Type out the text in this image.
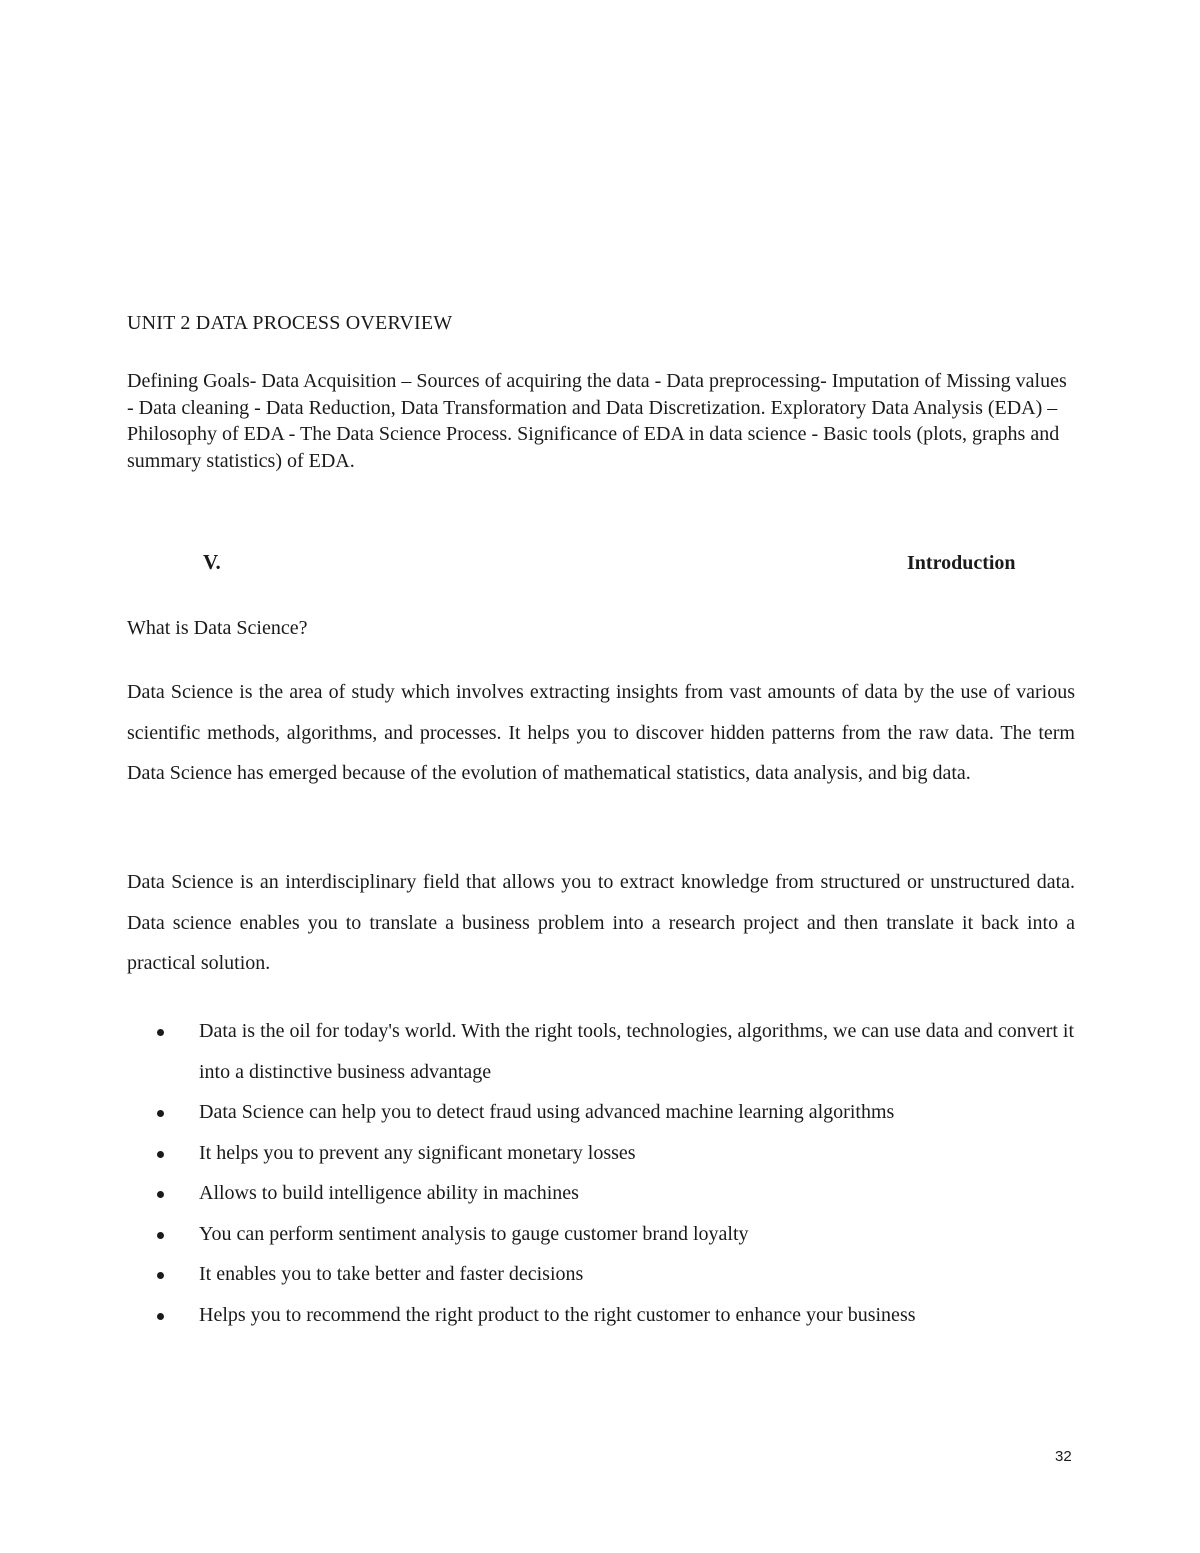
UNIT 2 DATA PROCESS OVERVIEW
Defining Goals- Data Acquisition – Sources of acquiring the data - Data preprocessing- Imputation of Missing values - Data cleaning - Data Reduction, Data Transformation and Data Discretization. Exploratory Data Analysis (EDA) – Philosophy of EDA - The Data Science Process. Significance of EDA in data science - Basic tools (plots, graphs and summary statistics) of EDA.
V.	Introduction
What is Data Science?

Data Science is the area of study which involves extracting insights from vast amounts of data by the use of various scientific methods, algorithms, and processes. It helps you to discover hidden patterns from the raw data. The term Data Science has emerged because of the evolution of mathematical statistics, data analysis, and big data.

Data Science is an interdisciplinary field that allows you to extract knowledge from structured or unstructured data. Data science enables you to translate a business problem into a research project and then translate it back into a practical solution.

Data is the oil for today's world. With the right tools, technologies, algorithms, we can use data and convert it into a distinctive business advantage
Data Science can help you to detect fraud using advanced machine learning algorithms
It helps you to prevent any significant monetary losses
Allows to build intelligence ability in machines
You can perform sentiment analysis to gauge customer brand loyalty
It enables you to take better and faster decisions
Helps you to recommend the right product to the right customer to enhance your business
32
